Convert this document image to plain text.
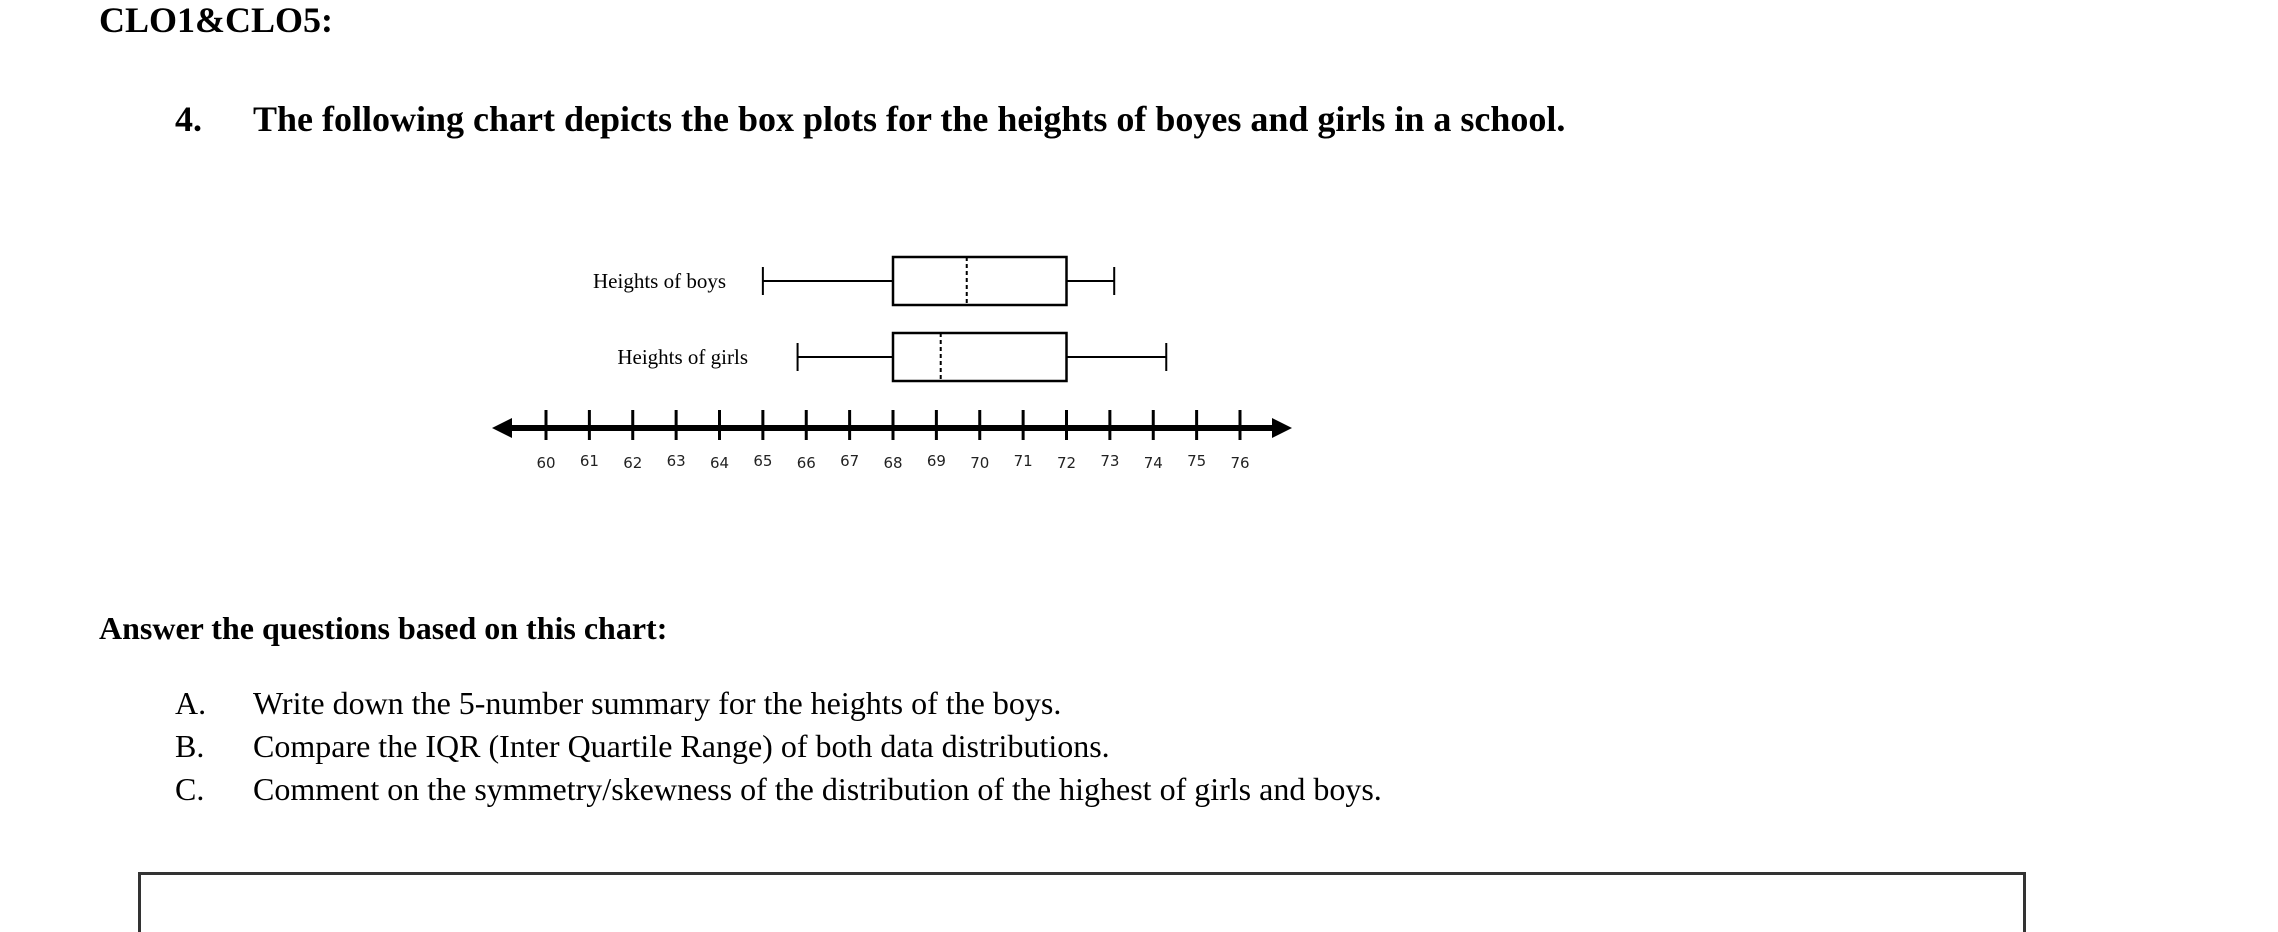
CLO1&CLO5:
4. The following chart depicts the box plots for the heights of boyes and girls in a school.
60 61 62 63 64 65 66 67 68 69 70 71 72 73 74 75 76
Heights of boys
Heights of girls
Answer the questions based on this chart:
A. Write down the 5-number summary for the heights of the boys.
B. Compare the IQR (Inter Quartile Range) of both data distributions.
C. Comment on the symmetry/skewness of the distribution of the highest of girls and boys.
